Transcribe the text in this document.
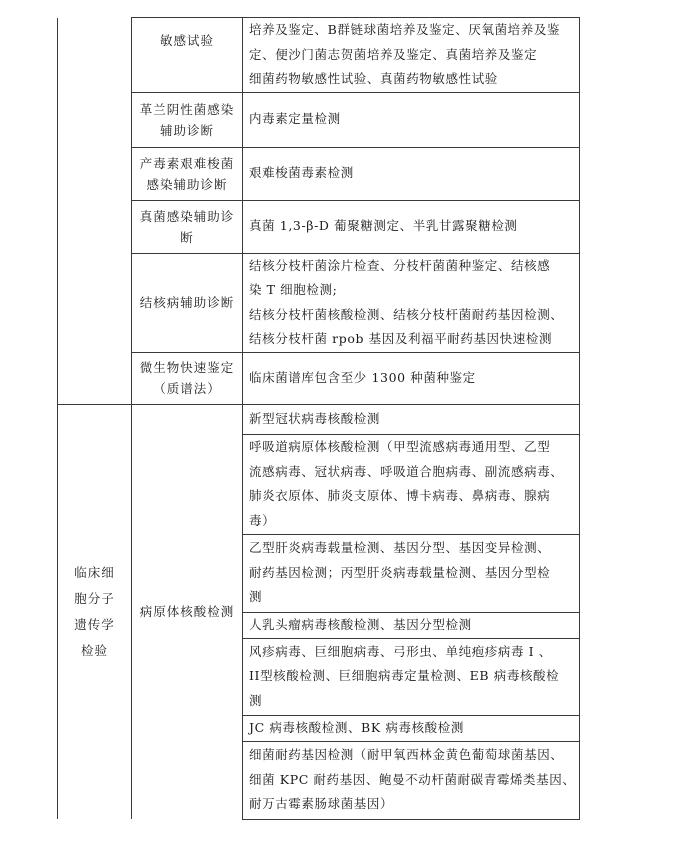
	敏感试验	培养及鉴定、B群链球菌培养及鉴定、厌氧菌培养及鉴
定、便沙门菌志贺菌培养及鉴定、真菌培养及鉴定
细菌药物敏感性试验、真菌药物敏感性试验

	革兰阴性菌感染辅助诊断	内毒素定量检测

	产毒素艰难梭菌感染辅助诊断	艰难梭菌毒素检测

	真菌感染辅助诊断	真菌 1,3-β-D 葡聚糖测定、半乳甘露聚糖检测

	结核病辅助诊断	结核分枝杆菌涂片检查、分枝杆菌菌种鉴定、结核感
染 T 细胞检测;
结核分枝杆菌核酸检测、结核分枝杆菌耐药基因检测、
结核分枝杆菌 rpob 基因及利福平耐药基因快速检测

	微生物快速鉴定（质谱法）	临床菌谱库包含至少 1300 种菌种鉴定

临床细胞分子遗传学检验	病原体核酸检测	新型冠状病毒核酸检测

		呼吸道病原体核酸检测（甲型流感病毒通用型、乙型
流感病毒、冠状病毒、呼吸道合胞病毒、副流感病毒、
肺炎衣原体、肺炎支原体、博卡病毒、鼻病毒、腺病
毒）

		乙型肝炎病毒载量检测、基因分型、基因变异检测、
耐药基因检测；丙型肝炎病毒载量检测、基因分型检
测

		人乳头瘤病毒核酸检测、基因分型检测

		风疹病毒、巨细胞病毒、弓形虫、单纯疱疹病毒 I 、
II型核酸检测、巨细胞病毒定量检测、EB 病毒核酸检
测

		JC 病毒核酸检测、BK 病毒核酸检测

		细菌耐药基因检测（耐甲氧西林金黄色葡萄球菌基因、
细菌 KPC 耐药基因、鲍曼不动杆菌耐碳青霉烯类基因、
耐万古霉素肠球菌基因）
